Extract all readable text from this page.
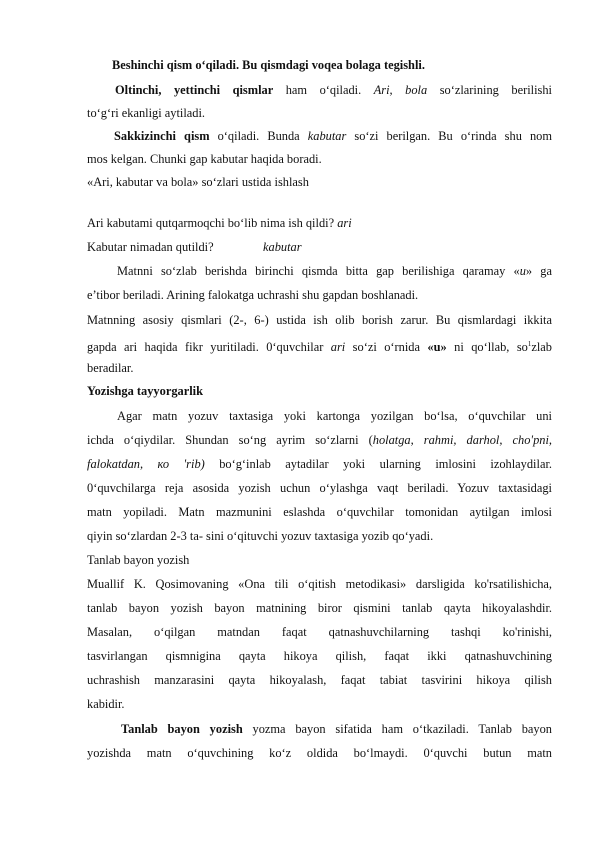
Beshinchi qism o‘qiladi. Bu qismdagi voqea bolaga tegishli.
Oltinchi, yettinchi qismlar ham o‘qiladi. Ari, bola so‘zlarining berilishi
to‘g‘ri ekanligi aytiladi.
Sakkizinchi qism o‘qiladi. Bunda kabutar so‘zi berilgan. Bu o‘rinda shu nom
mos kelgan. Chunki gap kabutar haqida boradi.
«Ari, kabutar va bola» so‘zlari ustida ishlash
Ari kabutami qutqarmoqchi bo‘lib nima ish qildi? ari
Kabutar nimadan qutildi?	kabutar
Matnni so‘zlab berishda birinchi qismda bitta gap berilishiga qaramay «u» ga
e’tibor beriladi. Arining falokatga uchrashi shu gapdan boshlanadi.
Matnning asosiy qismlari (2-, 6-) ustida ish olib borish zarur. Bu qismlardagi ikkita
gapda ari haqida fikr yuritiladi. 0‘quvchilar ari so‘zi o‘rnida «u» ni qo‘llab, $so^1zlab$
beradilar.
Yozishga tayyorgarlik
Agar matn yozuv taxtasiga yoki kartonga yozilgan bo‘lsa, o‘quvchilar uni
ichda o‘qiydilar. Shundan so‘ng ayrim so‘zlarni (holatga, rahmi, darhol, cho'pni,
falokatdan, ко 'rib) bo‘g‘inlab aytadilar yoki ularning imlosini izohlaydilar.
0‘quvchilarga reja asosida yozish uchun o‘ylashga vaqt beriladi. Yozuv taxtasidagi
matn yopiladi. Matn mazmunini eslashda o‘quvchilar tomonidan aytilgan imlosi
qiyin so‘zlardan 2-3 ta- sini o‘qituvchi yozuv taxtasiga yozib qo‘yadi.
Tanlab bayon yozish
Muallif K. Qosimovaning «Ona tili o‘qitish metodikasi» darsligida ko'rsatilishicha,
tanlab bayon yozish bayon matnining biror qismini tanlab qayta hikoyalashdir.
Masalan, o‘qilgan matndan faqat qatnashuvchilarning tashqi ko'rinishi,
tasvirlangan qismnigina qayta hikoya qilish, faqat ikki qatnashuvchining
uchrashish manzarasini qayta hikoyalash, faqat tabiat tasvirini hikoya qilish
kabidir.
Tanlab bayon yozish yozma bayon sifatida ham o‘tkaziladi. Tanlab bayon
yozishda matn o‘quvchining ko‘z oldida bo‘lmaydi. 0‘quvchi butun matn
